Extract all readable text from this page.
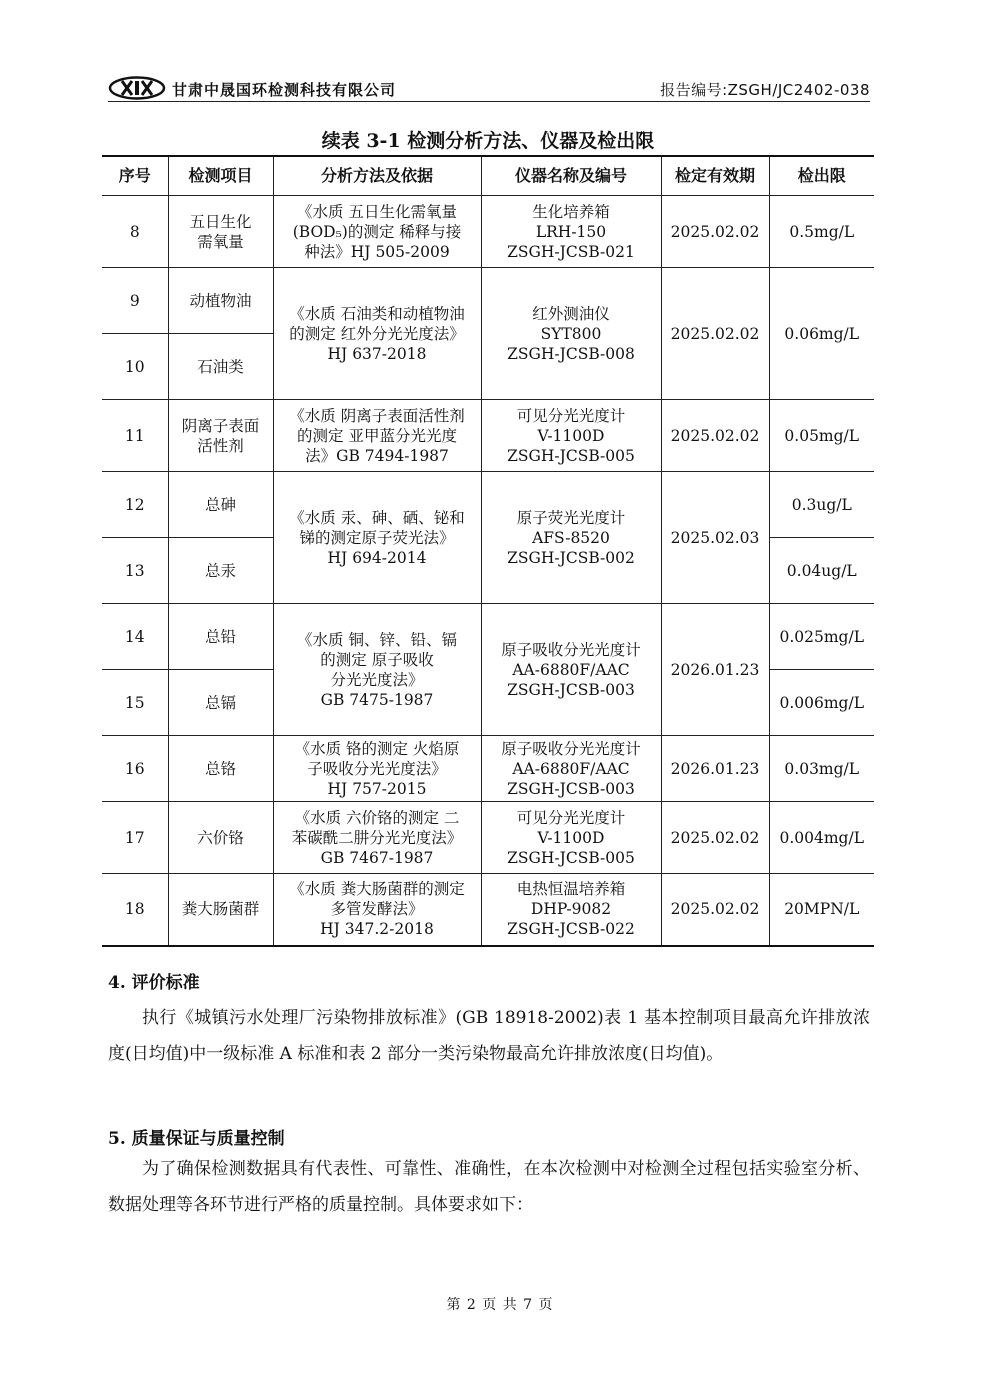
甘肃中晟国环检测科技有限公司	报告编号:ZSGH/JC2402-038
续表 3-1 检测分析方法、仪器及检出限
序号	检测项目	分析方法及依据	仪器名称及编号	检定有效期	检出限
8	五日生化
需氧量	《水质 五日生化需氧量
(BOD₅)的测定 稀释与接
种法》HJ 505-2009	生化培养箱
LRH-150
ZSGH-JCSB-021	2025.02.02	0.5mg/L
9	动植物油	《水质 石油类和动植物油
的测定 红外分光光度法》
HJ 637-2018	红外测油仪
SYT800
ZSGH-JCSB-008	2025.02.02	0.06mg/L
10	石油类				
11	阴离子表面
活性剂	《水质 阴离子表面活性剂
的测定 亚甲蓝分光光度
法》GB 7494-1987	可见分光光度计
V-1100D
ZSGH-JCSB-005	2025.02.02	0.05mg/L
12	总砷	《水质 汞、砷、硒、铋和
锑的测定原子荧光法》
HJ 694-2014	原子荧光光度计
AFS-8520
ZSGH-JCSB-002	2025.02.03	0.3ug/L
13	总汞				0.04ug/L
14	总铅	《水质 铜、锌、铅、镉
的测定 原子吸收
分光光度法》
GB 7475-1987	原子吸收分光光度计
AA-6880F/AAC
ZSGH-JCSB-003	2026.01.23	0.025mg/L
15	总镉				0.006mg/L
16	总铬	《水质 铬的测定 火焰原
子吸收分光光度法》
HJ 757-2015	原子吸收分光光度计
AA-6880F/AAC
ZSGH-JCSB-003	2026.01.23	0.03mg/L
17	六价铬	《水质 六价铬的测定 二
苯碳酰二肼分光光度法》
GB 7467-1987	可见分光光度计
V-1100D
ZSGH-JCSB-005	2025.02.02	0.004mg/L
18	粪大肠菌群	《水质 粪大肠菌群的测定
多管发酵法》
HJ 347.2-2018	电热恒温培养箱
DHP-9082
ZSGH-JCSB-022	2025.02.02	20MPN/L
4. 评价标准
执行《城镇污水处理厂污染物排放标准》(GB 18918-2002)表 1 基本控制项目最高允许排放浓度(日均值)中一级标准 A 标准和表 2 部分一类污染物最高允许排放浓度(日均值)。
5. 质量保证与质量控制
为了确保检测数据具有代表性、可靠性、准确性，在本次检测中对检测全过程包括实验室分析、数据处理等各环节进行严格的质量控制。具体要求如下：
第 2 页 共 7 页
